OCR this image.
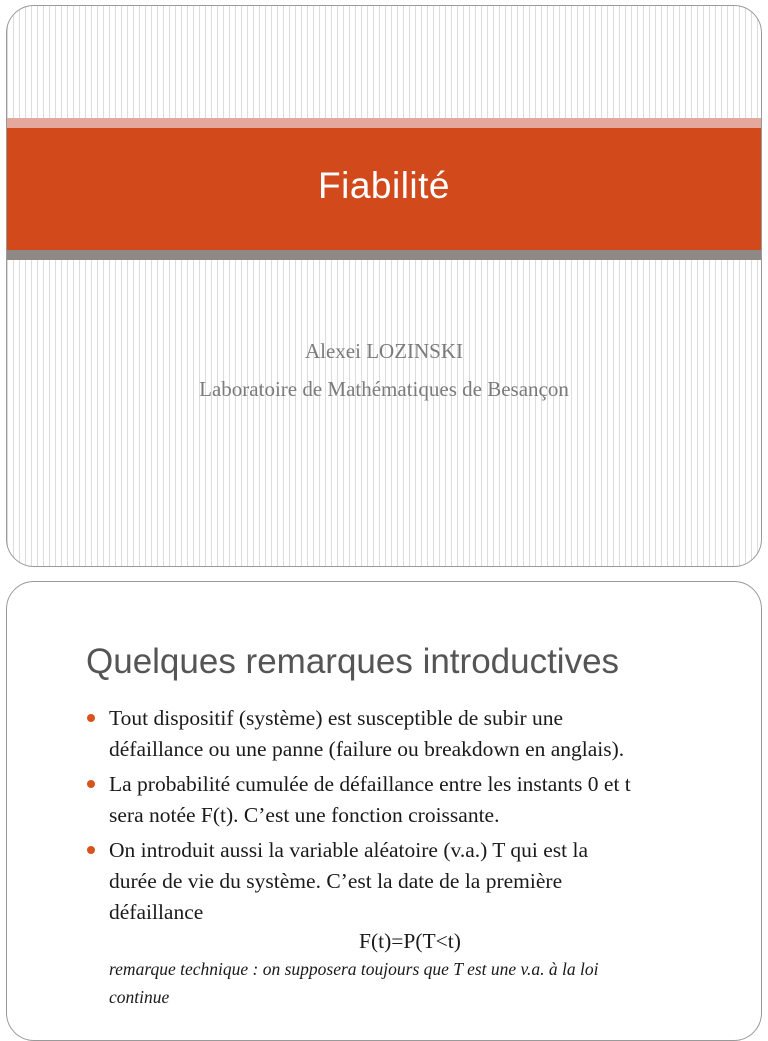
Fiabilité
Alexei LOZINSKI
Laboratoire de Mathématiques de Besançon
Quelques remarques introductives
Tout dispositif (système) est susceptible de subir une
défaillance ou une panne (failure ou breakdown en anglais).
La probabilité cumulée de défaillance entre les instants 0 et t
sera notée F(t). C’est une fonction croissante.
On introduit aussi la variable aléatoire (v.a.) T qui est la
durée de vie du système. C’est la date de la première
défaillance
F(t)=P(T<t)
remarque technique : on supposera toujours que T est une v.a. à la loi
continue
